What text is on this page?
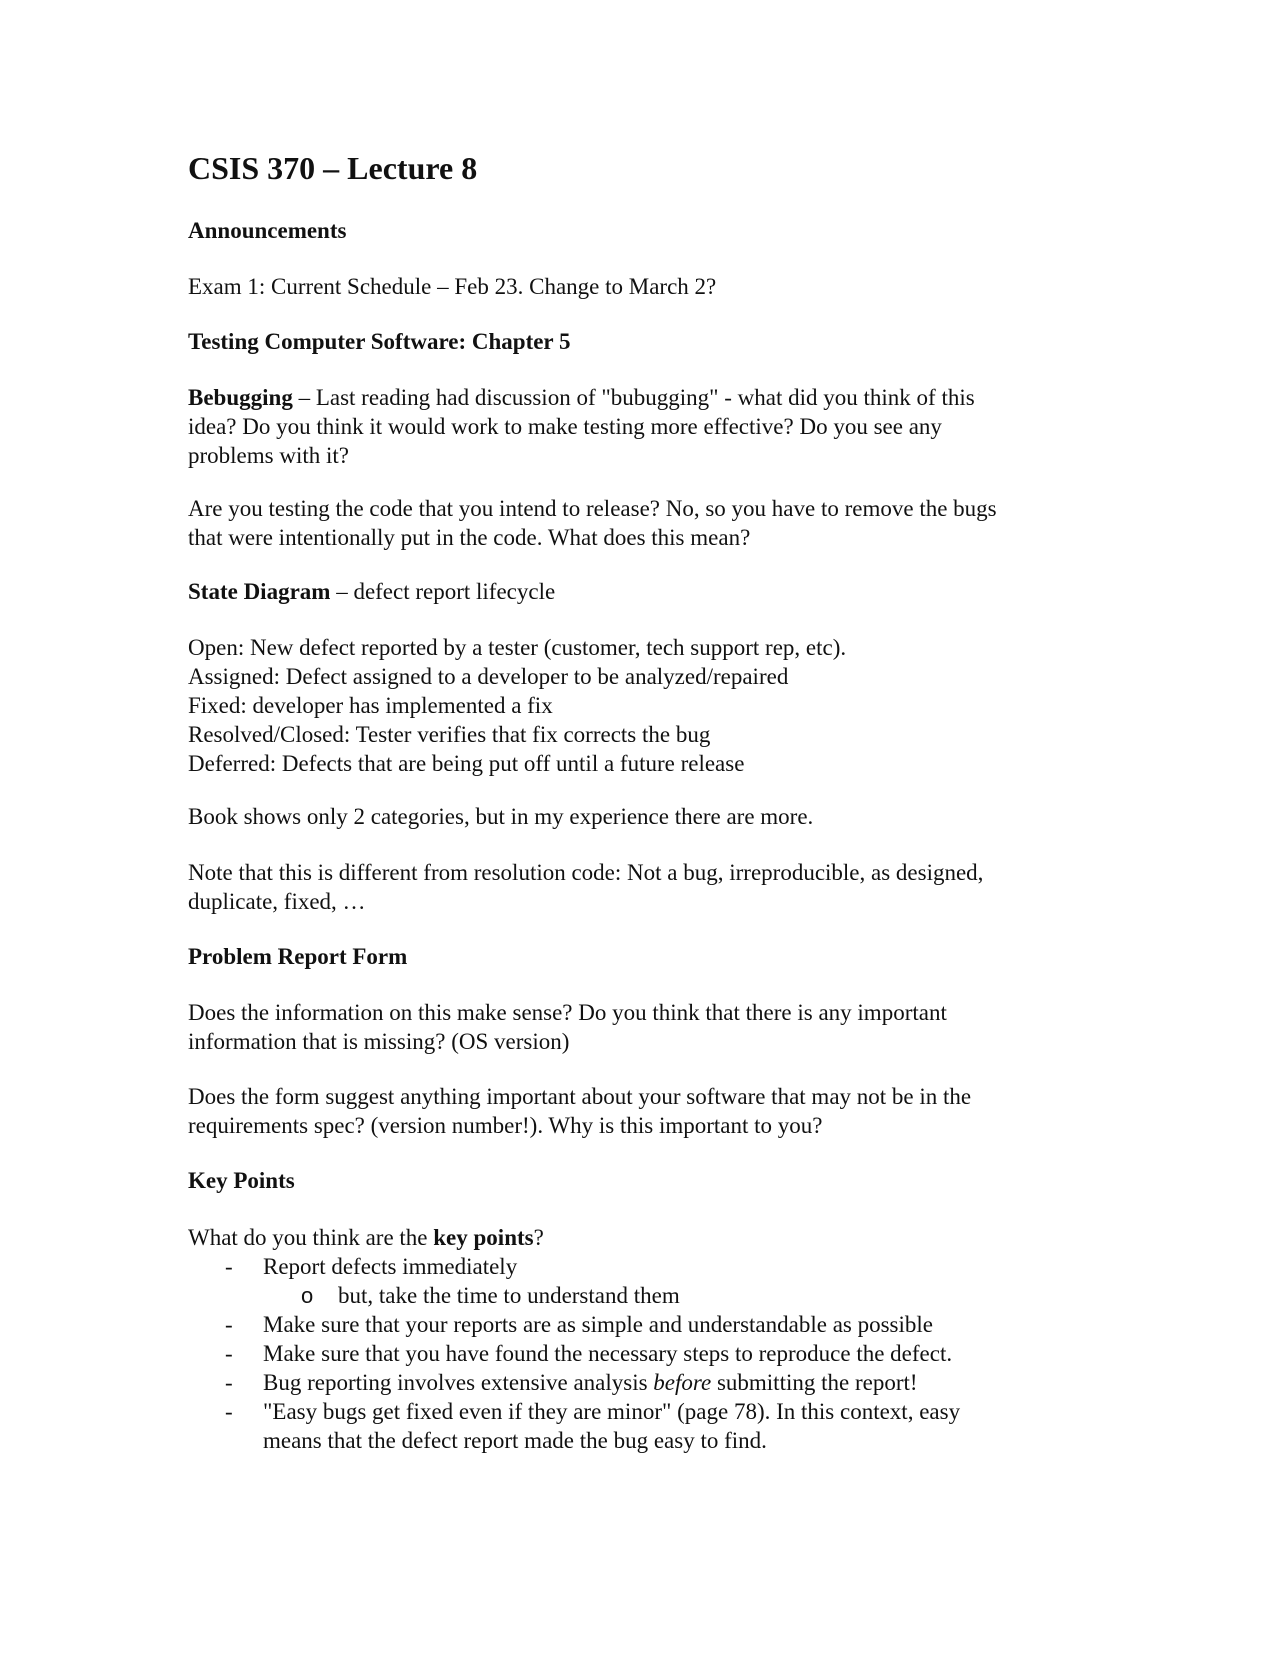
CSIS 370 – Lecture 8

Announcements

Exam 1: Current Schedule – Feb 23. Change to March 2?

Testing Computer Software: Chapter 5

Bebugging – Last reading had discussion of "bubugging" - what did you think of this
idea? Do you think it would work to make testing more effective? Do you see any
problems with it?

Are you testing the code that you intend to release? No, so you have to remove the bugs
that were intentionally put in the code. What does this mean?

State Diagram – defect report lifecycle

Open: New defect reported by a tester (customer, tech support rep, etc).
Assigned: Defect assigned to a developer to be analyzed/repaired
Fixed: developer has implemented a fix
Resolved/Closed: Tester verifies that fix corrects the bug
Deferred: Defects that are being put off until a future release

Book shows only 2 categories, but in my experience there are more.

Note that this is different from resolution code: Not a bug, irreproducible, as designed,
duplicate, fixed, …

Problem Report Form

Does the information on this make sense? Do you think that there is any important
information that is missing? (OS version)

Does the form suggest anything important about your software that may not be in the
requirements spec? (version number!). Why is this important to you?

Key Points

What do you think are the key points?

- Report defects immediately
o but, take the time to understand them
- Make sure that your reports are as simple and understandable as possible
- Make sure that you have found the necessary steps to reproduce the defect.
- Bug reporting involves extensive analysis before submitting the report!
- "Easy bugs get fixed even if they are minor" (page 78). In this context, easy
means that the defect report made the bug easy to find.
